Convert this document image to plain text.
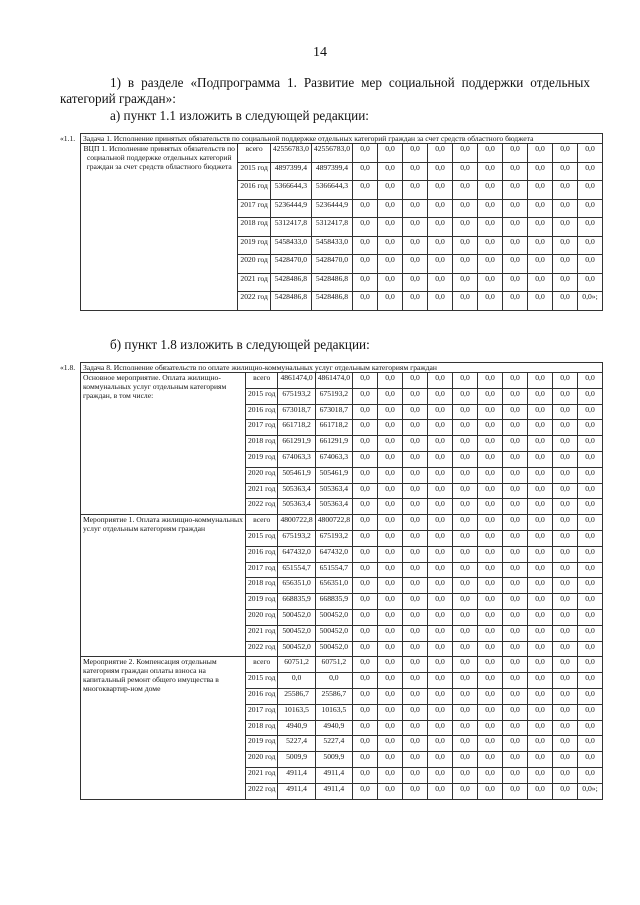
14
1) в разделе «Подпрограмма 1. Развитие мер социальной поддержки отдельных
категорий граждан»:
а) пункт 1.1 изложить в следующей редакции:
«1.1.	Задача 1. Исполнение принятых обязательств по социальной поддержке отдельных категорий граждан за счет средств областного бюджета													
	ВЦП 1. Исполнение принятых обязательств по социальной поддержке отдельных категорий граждан за счет средств областного бюджета	всего	42556783,0	42556783,0	0,0	0,0	0,0	0,0	0,0	0,0	0,0	0,0	0,0	0,0
		2015 год	4897399,4	4897399,4	0,0	0,0	0,0	0,0	0,0	0,0	0,0	0,0	0,0	0,0
		2016 год	5366644,3	5366644,3	0,0	0,0	0,0	0,0	0,0	0,0	0,0	0,0	0,0	0,0
		2017 год	5236444,9	5236444,9	0,0	0,0	0,0	0,0	0,0	0,0	0,0	0,0	0,0	0,0
		2018 год	5312417,8	5312417,8	0,0	0,0	0,0	0,0	0,0	0,0	0,0	0,0	0,0	0,0
		2019 год	5458433,0	5458433,0	0,0	0,0	0,0	0,0	0,0	0,0	0,0	0,0	0,0	0,0
		2020 год	5428470,0	5428470,0	0,0	0,0	0,0	0,0	0,0	0,0	0,0	0,0	0,0	0,0
		2021 год	5428486,8	5428486,8	0,0	0,0	0,0	0,0	0,0	0,0	0,0	0,0	0,0	0,0
		2022 год	5428486,8	5428486,8	0,0	0,0	0,0	0,0	0,0	0,0	0,0	0,0	0,0	0,0»;
б) пункт 1.8 изложить в следующей редакции:
«1.8.	Задача 8. Исполнение обязательств по оплате жилищно-коммунальных услуг отдельным категориям граждан													
	Основное мероприятие. Оплата жилищно-коммунальных услуг отдельным категориям граждан, в том числе:	всего	4861474,0	4861474,0	0,0	0,0	0,0	0,0	0,0	0,0	0,0	0,0	0,0	0,0
		2015 год	675193,2	675193,2	0,0	0,0	0,0	0,0	0,0	0,0	0,0	0,0	0,0	0,0
		2016 год	673018,7	673018,7	0,0	0,0	0,0	0,0	0,0	0,0	0,0	0,0	0,0	0,0
		2017 год	661718,2	661718,2	0,0	0,0	0,0	0,0	0,0	0,0	0,0	0,0	0,0	0,0
		2018 год	661291,9	661291,9	0,0	0,0	0,0	0,0	0,0	0,0	0,0	0,0	0,0	0,0
		2019 год	674063,3	674063,3	0,0	0,0	0,0	0,0	0,0	0,0	0,0	0,0	0,0	0,0
		2020 год	505461,9	505461,9	0,0	0,0	0,0	0,0	0,0	0,0	0,0	0,0	0,0	0,0
		2021 год	505363,4	505363,4	0,0	0,0	0,0	0,0	0,0	0,0	0,0	0,0	0,0	0,0
		2022 год	505363,4	505363,4	0,0	0,0	0,0	0,0	0,0	0,0	0,0	0,0	0,0	0,0
	Мероприятие 1. Оплата жилищно-коммунальных услуг отдельным категориям граждан	всего	4800722,8	4800722,8	0,0	0,0	0,0	0,0	0,0	0,0	0,0	0,0	0,0	0,0
		2015 год	675193,2	675193,2	0,0	0,0	0,0	0,0	0,0	0,0	0,0	0,0	0,0	0,0
		2016 год	647432,0	647432,0	0,0	0,0	0,0	0,0	0,0	0,0	0,0	0,0	0,0	0,0
		2017 год	651554,7	651554,7	0,0	0,0	0,0	0,0	0,0	0,0	0,0	0,0	0,0	0,0
		2018 год	656351,0	656351,0	0,0	0,0	0,0	0,0	0,0	0,0	0,0	0,0	0,0	0,0
		2019 год	668835,9	668835,9	0,0	0,0	0,0	0,0	0,0	0,0	0,0	0,0	0,0	0,0
		2020 год	500452,0	500452,0	0,0	0,0	0,0	0,0	0,0	0,0	0,0	0,0	0,0	0,0
		2021 год	500452,0	500452,0	0,0	0,0	0,0	0,0	0,0	0,0	0,0	0,0	0,0	0,0
		2022 год	500452,0	500452,0	0,0	0,0	0,0	0,0	0,0	0,0	0,0	0,0	0,0	0,0
	Мероприятие 2. Компенсация отдельным категориям граждан оплаты взноса на капитальный ремонт общего имущества в многоквартир-ном доме	всего	60751,2	60751,2	0,0	0,0	0,0	0,0	0,0	0,0	0,0	0,0	0,0	0,0
		2015 год	0,0	0,0	0,0	0,0	0,0	0,0	0,0	0,0	0,0	0,0	0,0	0,0
		2016 год	25586,7	25586,7	0,0	0,0	0,0	0,0	0,0	0,0	0,0	0,0	0,0	0,0
		2017 год	10163,5	10163,5	0,0	0,0	0,0	0,0	0,0	0,0	0,0	0,0	0,0	0,0
		2018 год	4940,9	4940,9	0,0	0,0	0,0	0,0	0,0	0,0	0,0	0,0	0,0	0,0
		2019 год	5227,4	5227,4	0,0	0,0	0,0	0,0	0,0	0,0	0,0	0,0	0,0	0,0
		2020 год	5009,9	5009,9	0,0	0,0	0,0	0,0	0,0	0,0	0,0	0,0	0,0	0,0
		2021 год	4911,4	4911,4	0,0	0,0	0,0	0,0	0,0	0,0	0,0	0,0	0,0	0,0
		2022 год	4911,4	4911,4	0,0	0,0	0,0	0,0	0,0	0,0	0,0	0,0	0,0	0,0»;
